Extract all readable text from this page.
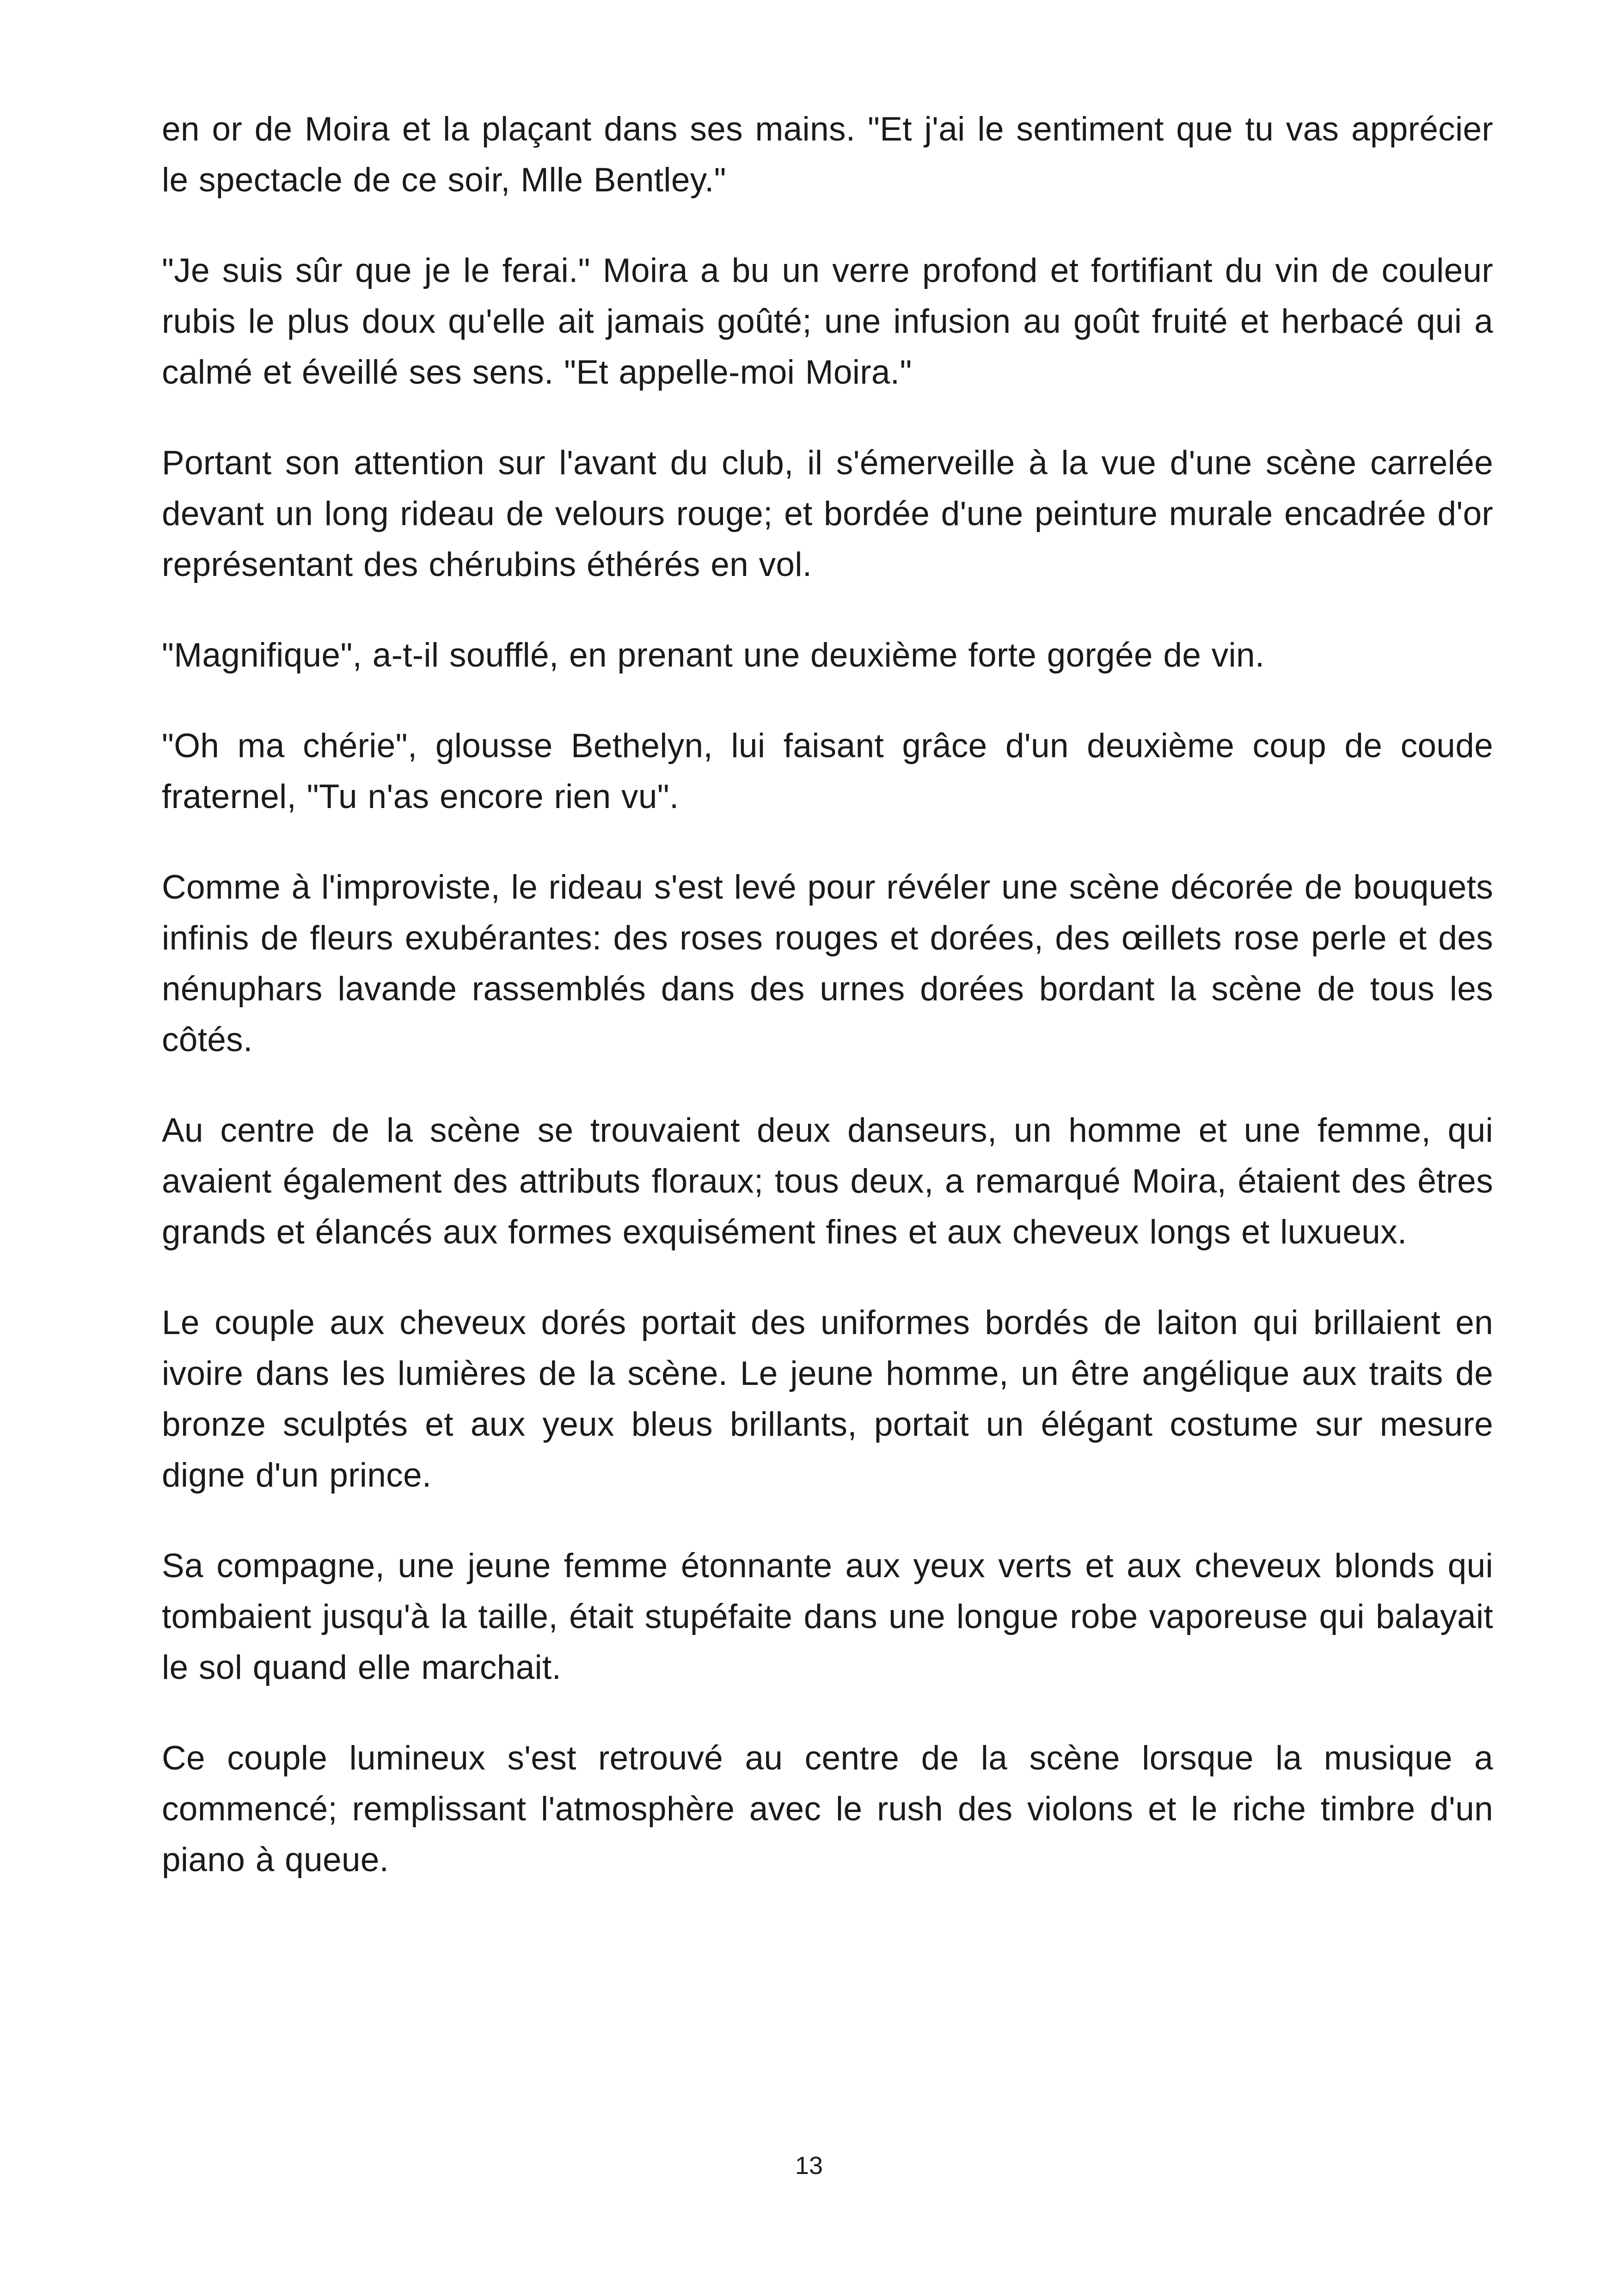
en or de Moira et la plaçant dans ses mains. "Et j'ai le sentiment que tu vas apprécier le spectacle de ce soir, Mlle Bentley."

"Je suis sûr que je le ferai." Moira a bu un verre profond et fortifiant du vin de couleur rubis le plus doux qu'elle ait jamais goûté; une infusion au goût fruité et herbacé qui a calmé et éveillé ses sens. "Et appelle-moi Moira."

Portant son attention sur l'avant du club, il s'émerveille à la vue d'une scène carrelée devant un long rideau de velours rouge; et bordée d'une peinture murale encadrée d'or représentant des chérubins éthérés en vol.

"Magnifique", a-t-il soufflé, en prenant une deuxième forte gorgée de vin.

"Oh ma chérie", glousse Bethelyn, lui faisant grâce d'un deuxième coup de coude fraternel, "Tu n'as encore rien vu".

Comme à l'improviste, le rideau s'est levé pour révéler une scène décorée de bouquets infinis de fleurs exubérantes: des roses rouges et dorées, des œillets rose perle et des nénuphars lavande rassemblés dans des urnes dorées bordant la scène de tous les côtés.

Au centre de la scène se trouvaient deux danseurs, un homme et une femme, qui avaient également des attributs floraux; tous deux, a remarqué Moira, étaient des êtres grands et élancés aux formes exquisément fines et aux cheveux longs et luxueux.

Le couple aux cheveux dorés portait des uniformes bordés de laiton qui brillaient en ivoire dans les lumières de la scène. Le jeune homme, un être angélique aux traits de bronze sculptés et aux yeux bleus brillants, portait un élégant costume sur mesure digne d'un prince.

Sa compagne, une jeune femme étonnante aux yeux verts et aux cheveux blonds qui tombaient jusqu'à la taille, était stupéfaite dans une longue robe vaporeuse qui balayait le sol quand elle marchait.

Ce couple lumineux s'est retrouvé au centre de la scène lorsque la musique a commencé; remplissant l'atmosphère avec le rush des violons et le riche timbre d'un piano à queue.

13
